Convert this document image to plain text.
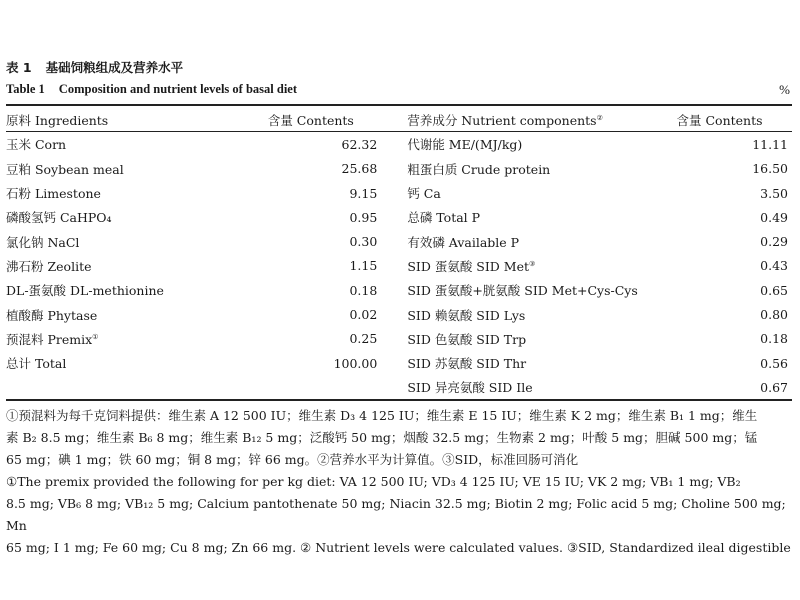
表 1 基础饲粮组成及营养水平
Table 1 Composition and nutrient levels of basal diet	%
原料 Ingredients	含量 Contents	营养成分 Nutrient components②	含量 Contents
玉米 Corn	62.32	代谢能 ME/(MJ/kg)	11.11
豆粕 Soybean meal	25.68	粗蛋白质 Crude protein	16.50
石粉 Limestone	9.15	钙 Ca	3.50
磷酸氢钙 CaHPO₄	0.95	总磷 Total P	0.49
氯化钠 NaCl	0.30	有效磷 Available P	0.29
沸石粉 Zeolite	1.15	SID 蛋氨酸 SID Met③	0.43
DL-蛋氨酸 DL-methionine	0.18	SID 蛋氨酸+胱氨酸 SID Met+Cys-Cys	0.65
植酸酶 Phytase	0.02	SID 赖氨酸 SID Lys	0.80
预混料 Premix①	0.25	SID 色氨酸 SID Trp	0.18
总计 Total	100.00	SID 苏氨酸 SID Thr	0.56
		SID 异亮氨酸 SID Ile	0.67

①预混料为每千克饲料提供：维生素 A 12 500 IU；维生素 D₃ 4 125 IU；维生素 E 15 IU；维生素 K 2 mg；维生素 B₁ 1 mg；维生

素 B₂ 8.5 mg；维生素 B₆ 8 mg；维生素 B₁₂ 5 mg；泛酸钙 50 mg；烟酸 32.5 mg；生物素 2 mg；叶酸 5 mg；胆碱 500 mg；锰

65 mg；碘 1 mg；铁 60 mg；铜 8 mg；锌 66 mg。②营养水平为计算值。③SID，标准回肠可消化

①The premix provided the following for per kg diet: VA 12 500 IU; VD₃ 4 125 IU; VE 15 IU; VK 2 mg; VB₁ 1 mg; VB₂

8.5 mg; VB₆ 8 mg; VB₁₂ 5 mg; Calcium pantothenate 50 mg; Niacin 32.5 mg; Biotin 2 mg; Folic acid 5 mg; Choline 500 mg; Mn

65 mg; I 1 mg; Fe 60 mg; Cu 8 mg; Zn 66 mg. ② Nutrient levels were calculated values. ③SID, Standardized ileal digestible
